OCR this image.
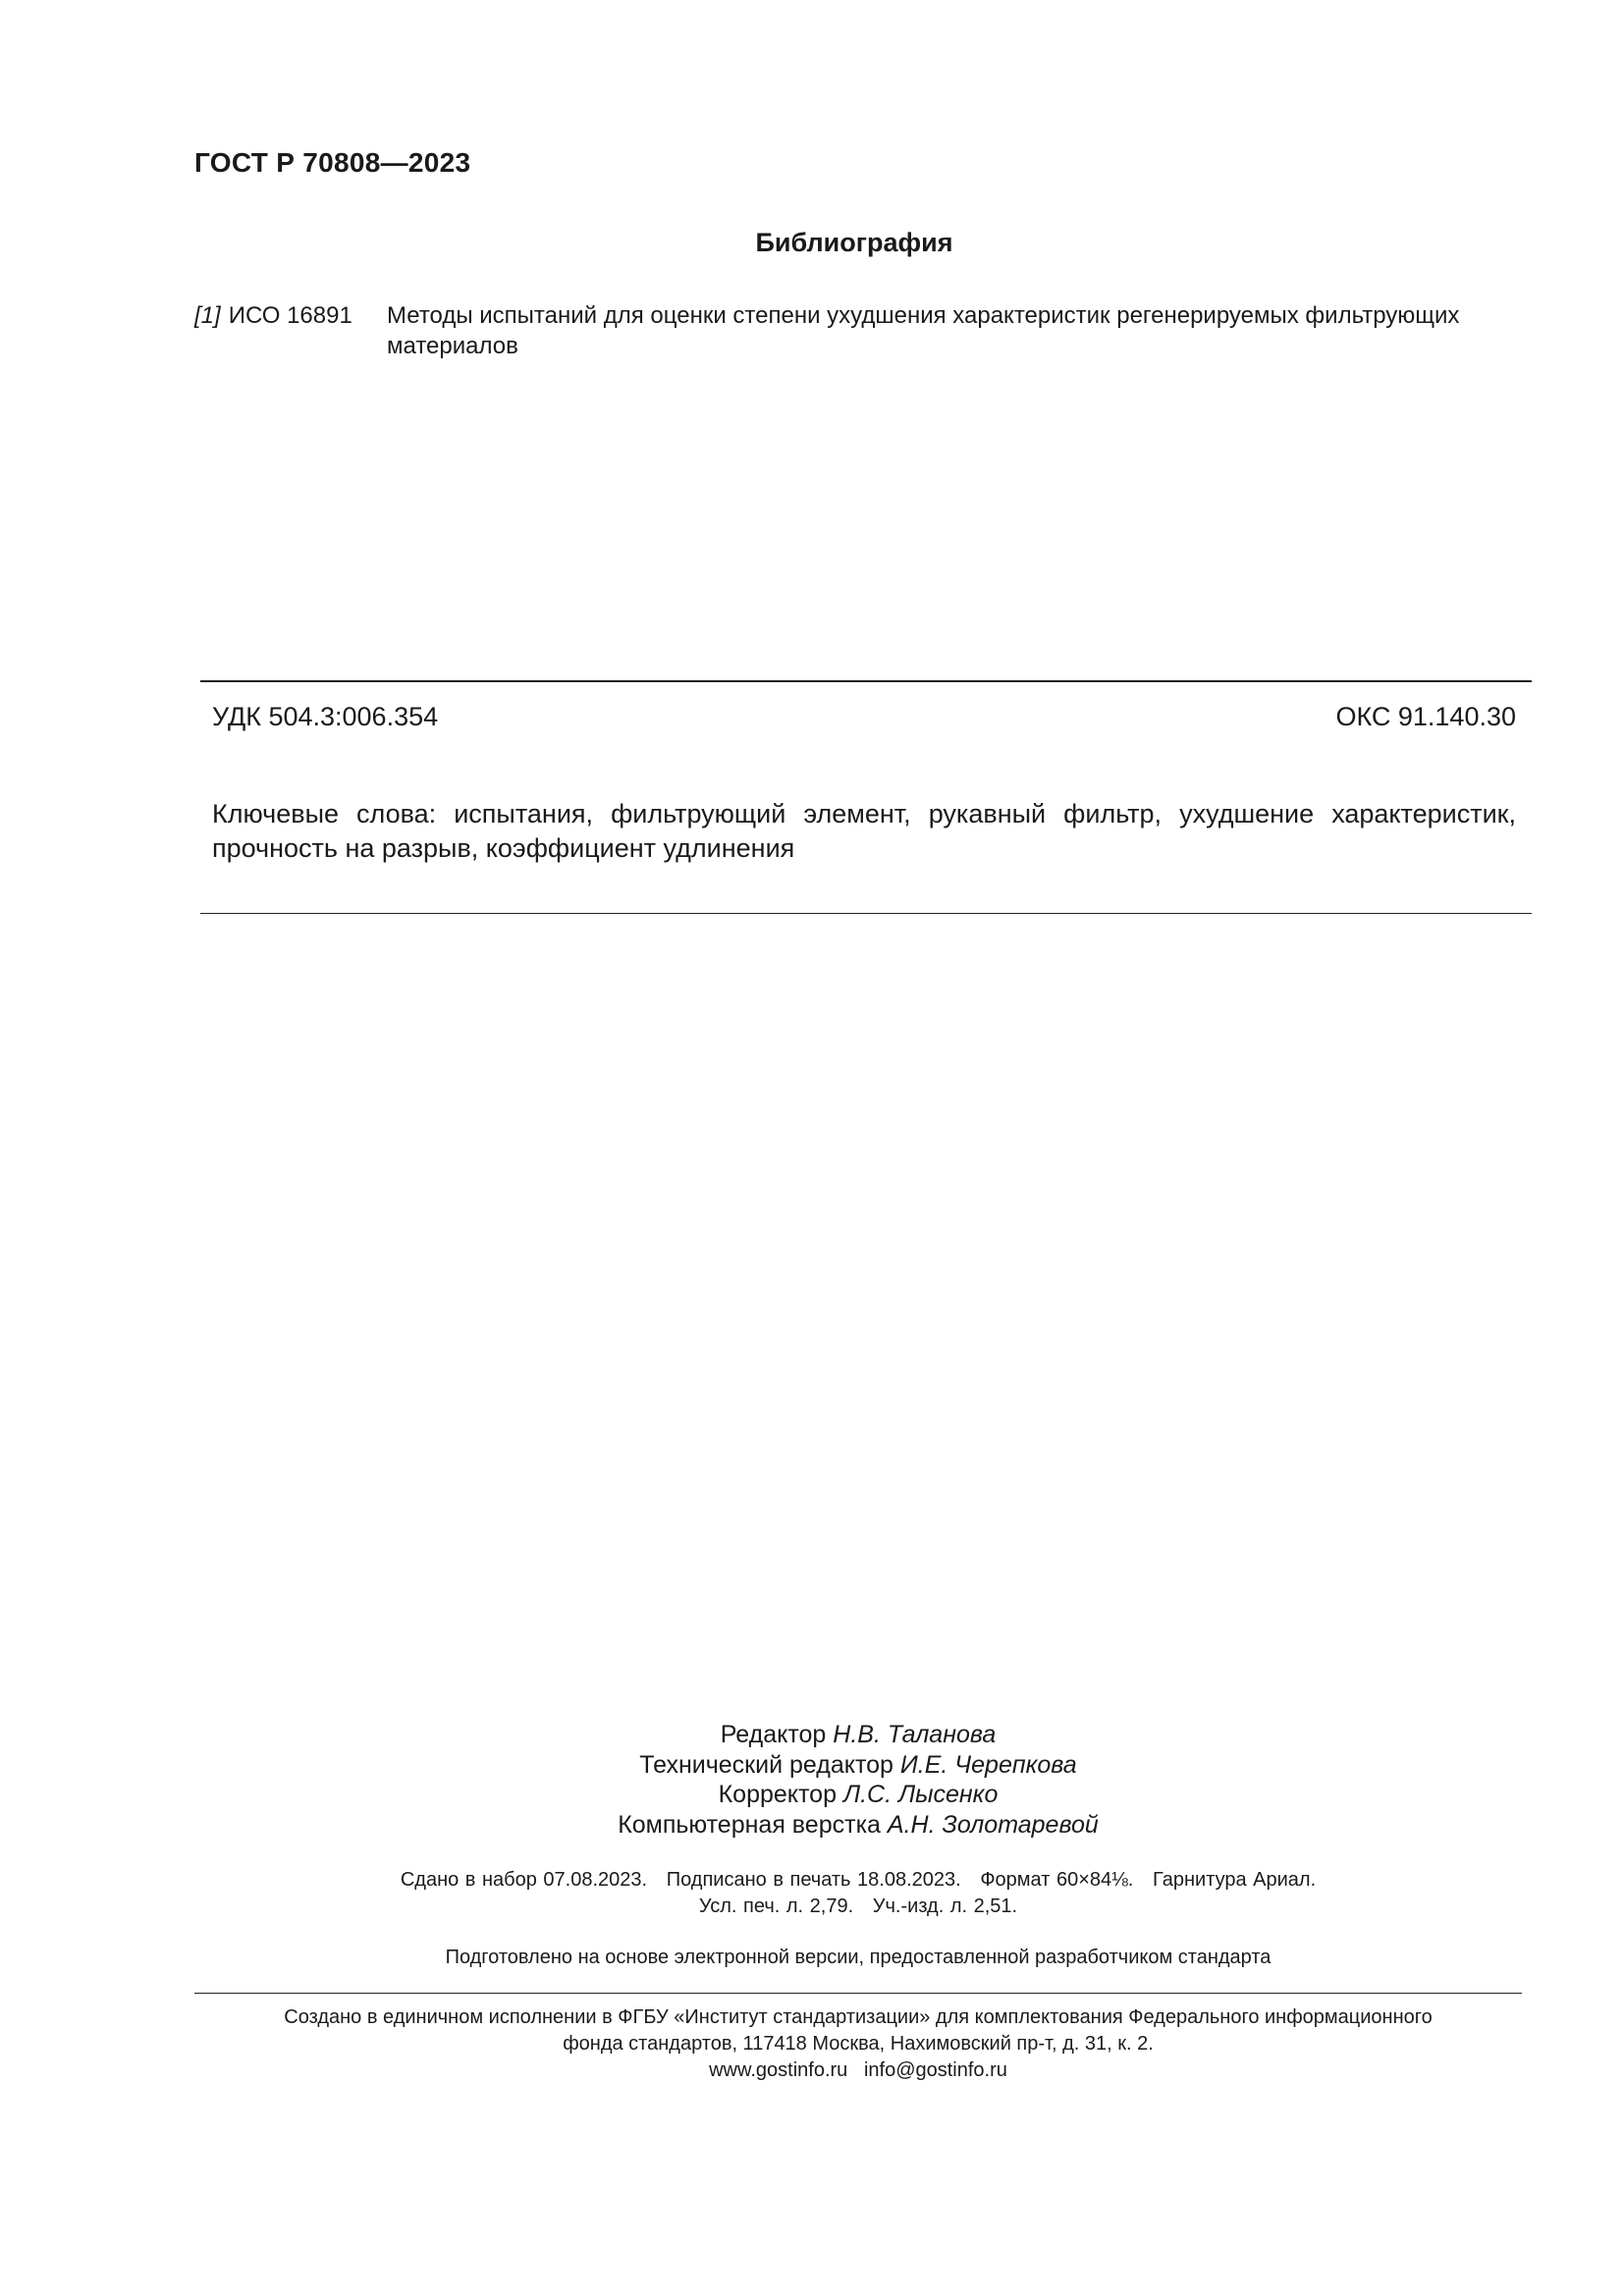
ГОСТ Р 70808—2023
Библиография
[1] ИСО 16891 Методы испытаний для оценки степени ухудшения характеристик регенерируемых фильтрующих материалов
УДК 504.3:006.354	ОКС 91.140.30
Ключевые слова: испытания, фильтрующий элемент, рукавный фильтр, ухудшение характеристик, прочность на разрыв, коэффициент удлинения
Редактор Н.В. Таланова
Технический редактор И.Е. Черепкова
Корректор Л.С. Лысенко
Компьютерная верстка А.Н. Золотаревой
Сдано в набор 07.08.2023.   Подписано в печать 18.08.2023.   Формат 60×84⅛.   Гарнитура Ариал.
Усл. печ. л. 2,79.   Уч.-изд. л. 2,51.
Подготовлено на основе электронной версии, предоставленной разработчиком стандарта
Создано в единичном исполнении в ФГБУ «Институт стандартизации» для комплектования Федерального информационного
фонда стандартов, 117418 Москва, Нахимовский пр-т, д. 31, к. 2.
www.gostinfo.ru info@gostinfo.ru
